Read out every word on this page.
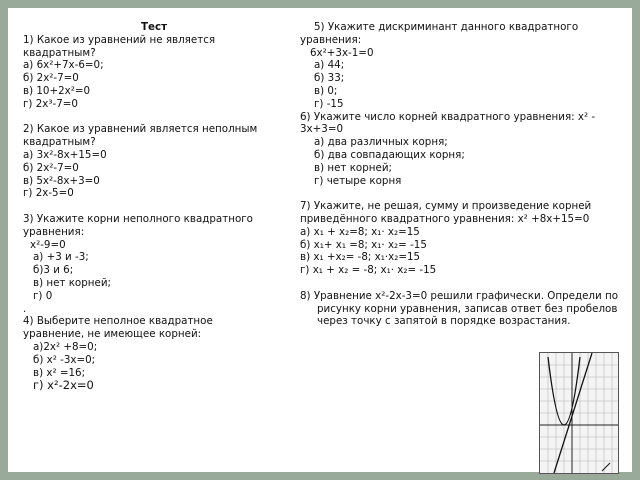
Тест
1) Какое из уравнений не является
квадратным?
а) 6x²+7x-6=0;
б) 2x²-7=0
в) 10+2x²=0
г) 2x³-7=0
2) Какое из уравнений является неполным
квадратным?
а) 3x²-8x+15=0
б) 2x²-7=0
в) 5x²-8x+3=0
г) 2x-5=0
3) Укажите корни неполного квадратного
уравнения:
x²-9=0
а) +3 и -3;
б)3 и 6;
в) нет корней;
г) 0
.
4) Выберите неполное квадратное
уравнение, не имеющее корней:
а)2x² +8=0;
б) x² -3x=0;
в) x² =16;
г) x²-2x=0
5) Укажите дискриминант данного квадратного
уравнения:
6x²+3x-1=0
а) 44;
б) 33;
в) 0;
г) -15
6) Укажите число корней квадратного уравнения: x² -
3x+3=0
а) два различных корня;
б) два совпадающих корня;
в) нет корней;
г) четыре корня
7) Укажите, не решая, сумму и произведение корней
приведённого квадратного уравнения: x² +8x+15=0
а) x₁ + x₂=8; x₁· x₂=15
б) x₁+ x₁ =8; x₁· x₂= -15
в) x₁ +x₂= -8; x₁·x₂=15
г) x₁ + x₂ = -8; x₁· x₂= -15
8) Уравнение x²-2x-3=0 решили графически. Определи по
рисунку корни уравнения, записав ответ без пробелов
через точку с запятой в порядке возрастания.
